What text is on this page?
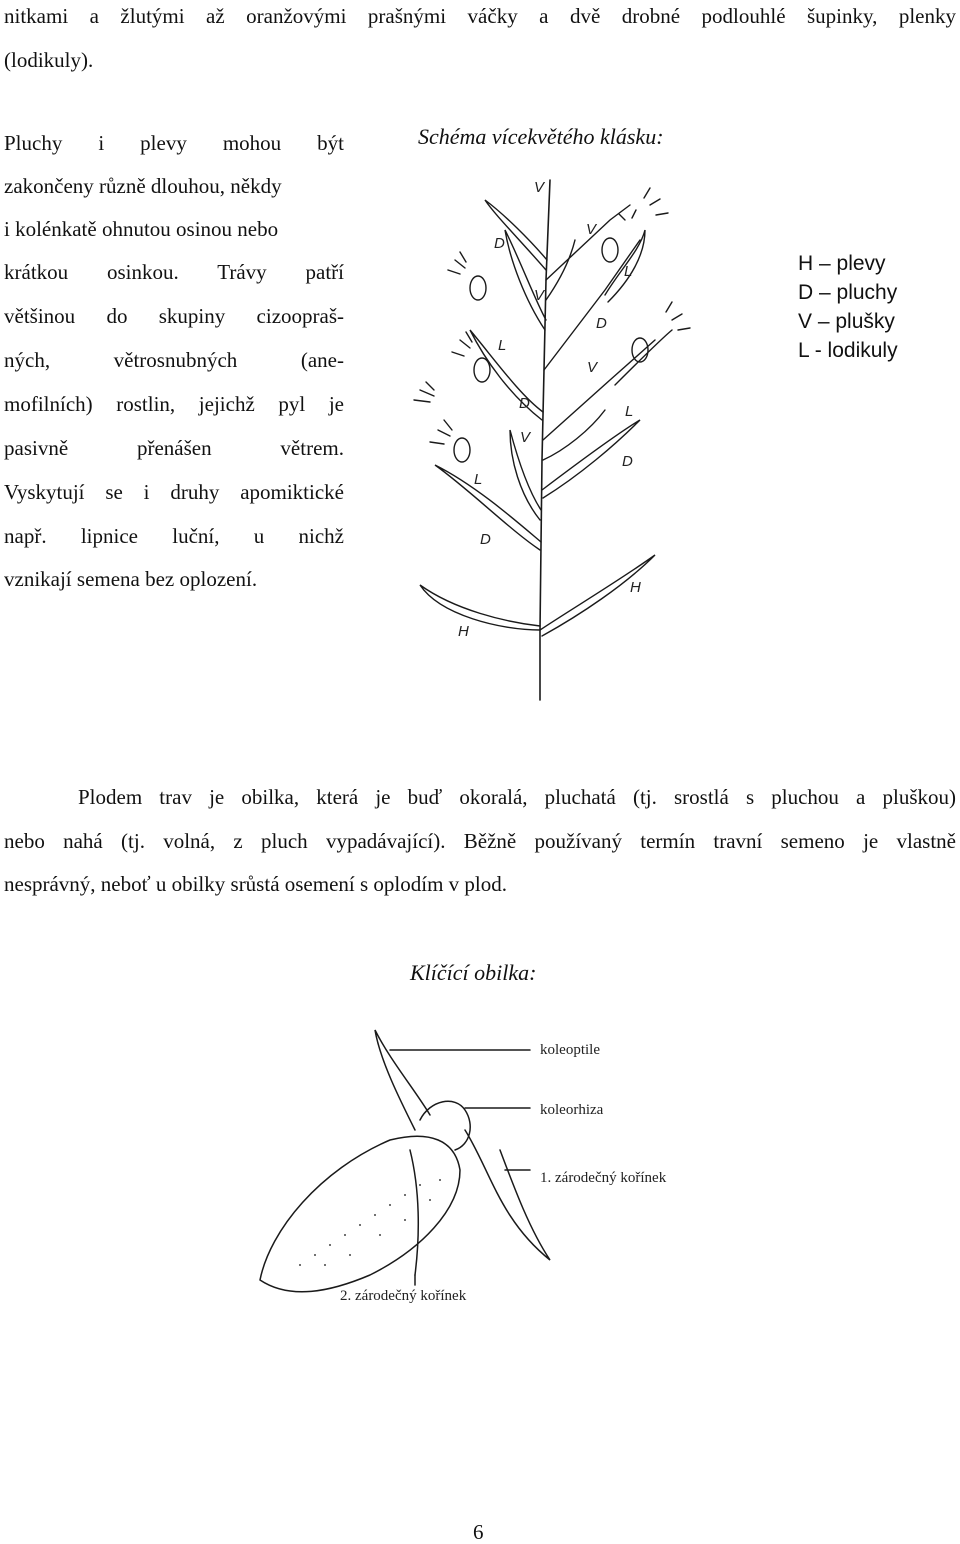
nitkami a žlutými až oranžovými prašnými váčky a dvě drobné podlouhlé šupinky, plenky
(lodikuly).
Pluchy i plevy mohou být
zakončeny různě dlouhou, někdy
i kolénkatě ohnutou osinou nebo
krátkou osinkou. Trávy patří
většinou do skupiny cizoopraš-
ných, větrosnubných (ane-
mofilních) rostlin, jejichž pyl je
pasivně přenášen větrem.
Vyskytují se i druhy apomiktické
např. lipnice luční, u nichž
vznikají semena bez oplození.
Schéma vícekvětého klásku:
V
D
V
V
L
L
D
V
D	L
V
D
L
D
H
H
H – plevy
D – pluchy
V – plušky
L - lodikuly
Plodem trav je obilka, která je buď okoralá, pluchatá (tj. srostlá s pluchou a pluškou)
nebo nahá (tj. volná, z pluch vypadávající). Běžně používaný termín travní semeno je vlastně
nesprávný, neboť u obilky srůstá osemení s oplodím v plod.
Klíčící obilka:
koleoptile
koleorhiza
1. zárodečný kořínek
2. zárodečný kořínek
6
